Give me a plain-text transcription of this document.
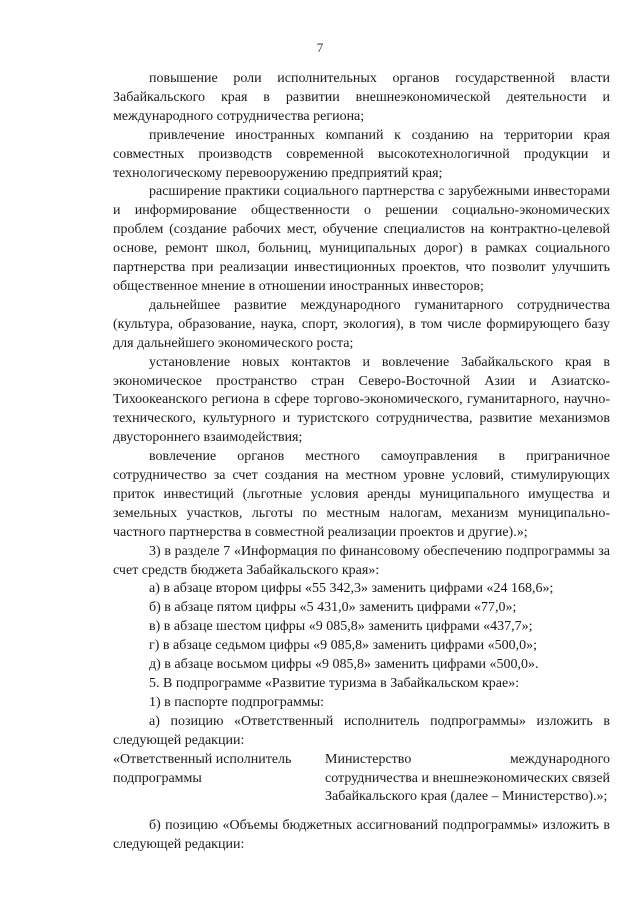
7

повышение роли исполнительных органов государственной власти Забайкальского края в развитии внешнеэкономической деятельности и международного сотрудничества региона;

привлечение иностранных компаний к созданию на территории края совместных производств современной высокотехнологичной продукции и технологическому перевооружению предприятий края;

расширение практики социального партнерства с зарубежными инвесторами и информирование общественности о решении социально-экономических проблем (создание рабочих мест, обучение специалистов на контрактно-целевой основе, ремонт школ, больниц, муниципальных дорог) в рамках социального партнерства при реализации инвестиционных проектов, что позволит улучшить общественное мнение в отношении иностранных инвесторов;

дальнейшее развитие международного гуманитарного сотрудничества (культура, образование, наука, спорт, экология), в том числе формирующего базу для дальнейшего экономического роста;

установление новых контактов и вовлечение Забайкальского края в экономическое пространство стран Северо-Восточной Азии и Азиатско-Тихоокеанского региона в сфере торгово-экономического, гуманитарного, научно-технического, культурного и туристского сотрудничества, развитие механизмов двустороннего взаимодействия;

вовлечение органов местного самоуправления в приграничное сотрудничество за счет создания на местном уровне условий, стимулирующих приток инвестиций (льготные условия аренды муниципального имущества и земельных участков, льготы по местным налогам, механизм муниципально-частного партнерства в совместной реализации проектов и другие).»;

3) в разделе 7 «Информация по финансовому обеспечению подпрограммы за счет средств бюджета Забайкальского края»:

а) в абзаце втором цифры «55 342,3» заменить цифрами «24 168,6»;

б) в абзаце пятом цифры «5 431,0» заменить цифрами «77,0»;

в) в абзаце шестом цифры «9 085,8» заменить цифрами «437,7»;

г) в абзаце седьмом цифры «9 085,8» заменить цифрами «500,0»;

д) в абзаце восьмом цифры «9 085,8» заменить цифрами «500,0».

5. В подпрограмме «Развитие туризма в Забайкальском крае»:

1) в паспорте подпрограммы:

а) позицию «Ответственный исполнитель подпрограммы» изложить в следующей редакции:

«Ответственный исполнитель подпрограммы

Министерство международного сотрудничества и внешнеэкономических связей Забайкальского края (далее – Министерство).»;

б) позицию «Объемы бюджетных ассигнований подпрограммы» изложить в следующей редакции:
